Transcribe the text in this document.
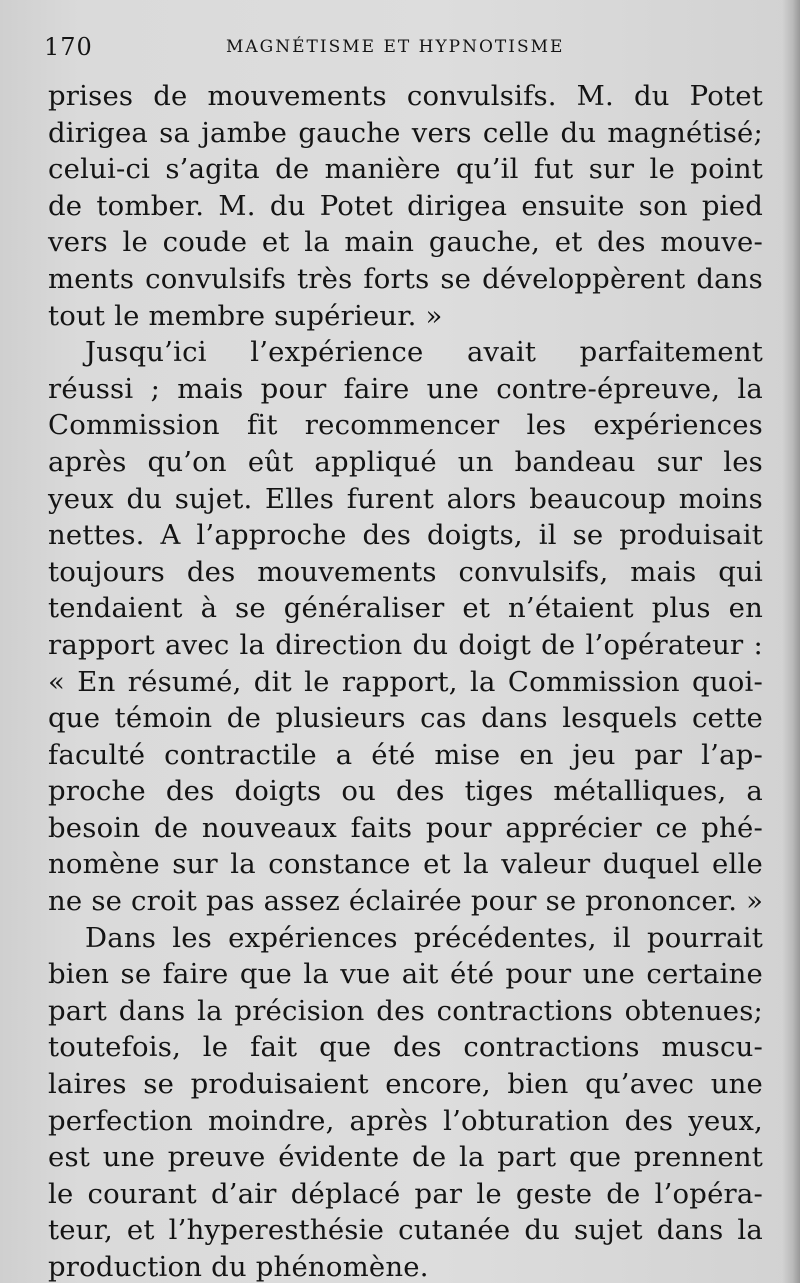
170	MAGNÉTISME ET HYPNOTISME
prises de mouvements convulsifs. M. du Potet
dirigea sa jambe gauche vers celle du magnétisé;
celui-ci s’agita de manière qu’il fut sur le point
de tomber. M. du Potet dirigea ensuite son pied
vers le coude et la main gauche, et des mouve-
ments convulsifs très forts se développèrent dans
tout le membre supérieur. »
Jusqu’ici l’expérience avait parfaitement
réussi ; mais pour faire une contre-épreuve, la
Commission fit recommencer les expériences
après qu’on eût appliqué un bandeau sur les
yeux du sujet. Elles furent alors beaucoup moins
nettes. A l’approche des doigts, il se produisait
toujours des mouvements convulsifs, mais qui
tendaient à se généraliser et n’étaient plus en
rapport avec la direction du doigt de l’opérateur :
« En résumé, dit le rapport, la Commission quoi-
que témoin de plusieurs cas dans lesquels cette
faculté contractile a été mise en jeu par l’ap-
proche des doigts ou des tiges métalliques, a
besoin de nouveaux faits pour apprécier ce phé-
nomène sur la constance et la valeur duquel elle
ne se croit pas assez éclairée pour se prononcer. »
Dans les expériences précédentes, il pourrait
bien se faire que la vue ait été pour une certaine
part dans la précision des contractions obtenues;
toutefois, le fait que des contractions muscu-
laires se produisaient encore, bien qu’avec une
perfection moindre, après l’obturation des yeux,
est une preuve évidente de la part que prennent
le courant d’air déplacé par le geste de l’opéra-
teur, et l’hyperesthésie cutanée du sujet dans la
production du phénomène.
